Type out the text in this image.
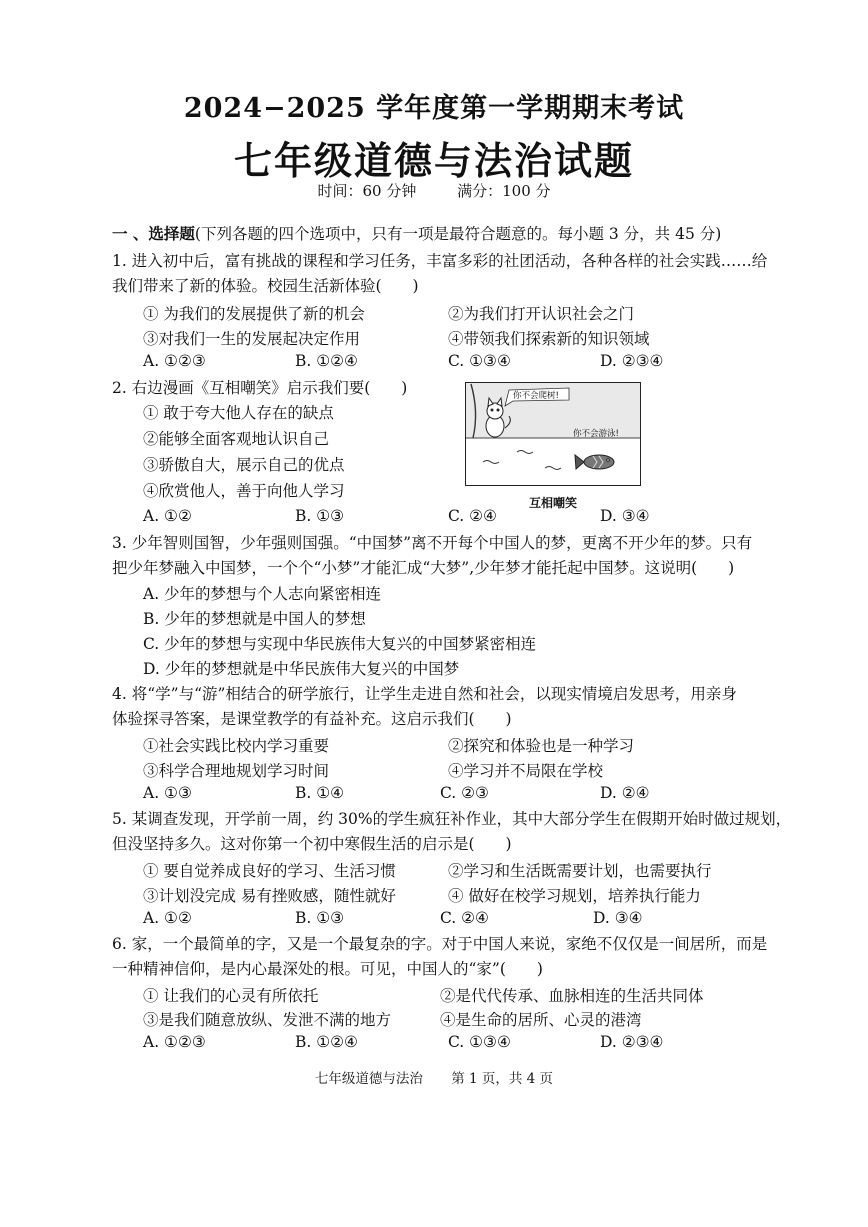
2024−2025 学年度第一学期期末考试
七年级道德与法治试题
时间：60 分钟	满分：100 分
一 、选择题(下列各题的四个选项中，只有一项是最符合题意的。每小题 3 分，共 45 分)
1. 进入初中后，富有挑战的课程和学习任务，丰富多彩的社团活动，各种各样的社会实践……给
我们带来了新的体验。校园生活新体验(　　)
① 为我们的发展提供了新的机会	②为我们打开认识社会之门
③对我们一生的发展起决定作用	④带领我们探索新的知识领域
A. ①②③	B. ①②④	C. ①③④	D. ②③④
2. 右边漫画《互相嘲笑》启示我们要(　　)
① 敢于夸大他人存在的缺点
②能够全面客观地认识自己
③骄傲自大，展示自己的优点
④欣赏他人，善于向他人学习
你不会爬树!
你不会游泳!
互相嘲笑
A. ①②	B. ①③	C. ②④	D. ③④
3. 少年智则国智，少年强则国强。“中国梦”离不开每个中国人的梦，更离不开少年的梦。只有
把少年梦融入中国梦，一个个“小梦”才能汇成“大梦”,少年梦才能托起中国梦。这说明(　　)
A. 少年的梦想与个人志向紧密相连
B. 少年的梦想就是中国人的梦想
C. 少年的梦想与实现中华民族伟大复兴的中国梦紧密相连
D. 少年的梦想就是中华民族伟大复兴的中国梦
4. 将“学”与“游”相结合的研学旅行，让学生走进自然和社会，以现实情境启发思考，用亲身
体验探寻答案，是课堂教学的有益补充。这启示我们(　　)
①社会实践比校内学习重要	②探究和体验也是一种学习
③科学合理地规划学习时间	④学习并不局限在学校
A. ①③	B. ①④	C. ②③	D. ②④
5. 某调查发现，开学前一周，约 30%的学生疯狂补作业，其中大部分学生在假期开始时做过规划，
但没坚持多久。这对你第一个初中寒假生活的启示是(　　)
① 要自觉养成良好的学习、生活习惯	②学习和生活既需要计划，也需要执行
③计划没完成 易有挫败感，随性就好	④ 做好在校学习规划，培养执行能力
A. ①②	B. ①③	C. ②④	D. ③④
6. 家，一个最简单的字，又是一个最复杂的字。对于中国人来说，家绝不仅仅是一间居所，而是
一种精神信仰，是内心最深处的根。可见，中国人的“家”(　　)
① 让我们的心灵有所依托	②是代代传承、血脉相连的生活共同体
③是我们随意放纵、发泄不满的地方	④是生命的居所、心灵的港湾
A. ①②③	B. ①②④	C. ①③④	D. ②③④
七年级道德与法治 第 1 页，共 4 页
